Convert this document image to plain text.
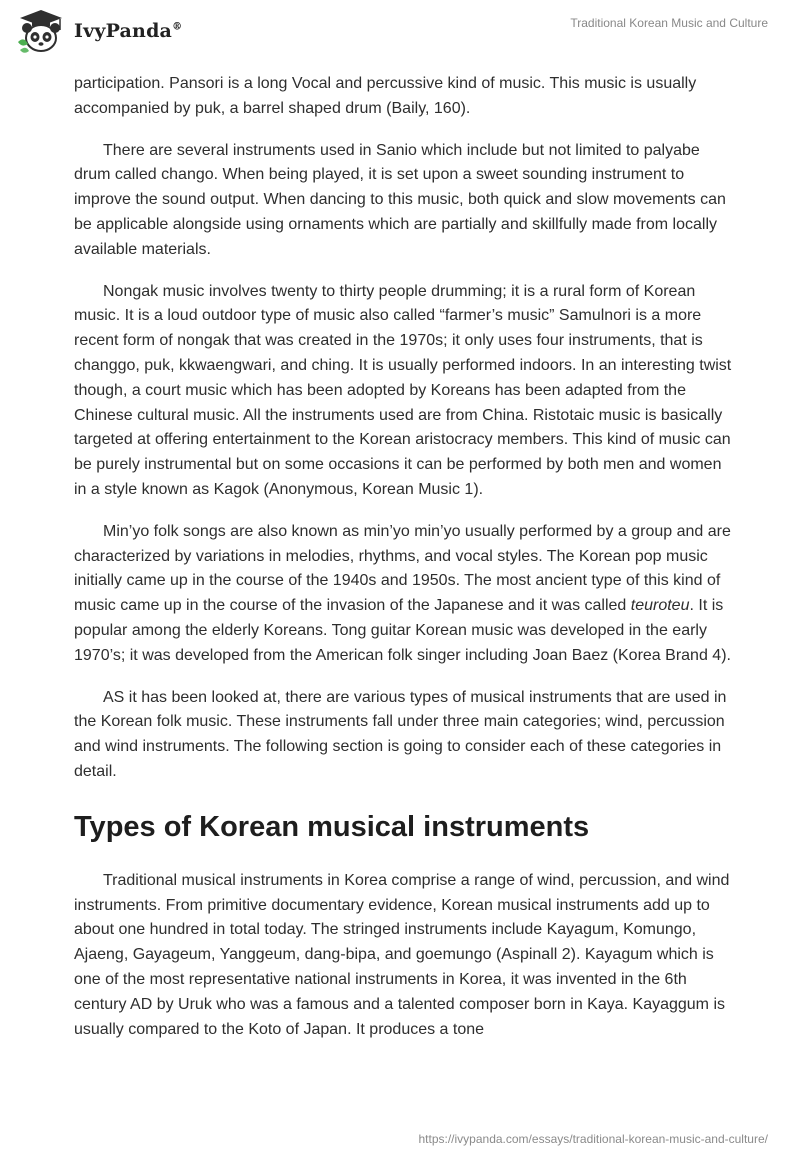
IvyPanda®	Traditional Korean Music and Culture

participation. Pansori is a long Vocal and percussive kind of music. This music is usually accompanied by puk, a barrel shaped drum (Baily, 160).

There are several instruments used in Sanio which include but not limited to palyabe drum called chango. When being played, it is set upon a sweet sounding instrument to improve the sound output. When dancing to this music, both quick and slow movements can be applicable alongside using ornaments which are partially and skillfully made from locally available materials.

Nongak music involves twenty to thirty people drumming; it is a rural form of Korean music. It is a loud outdoor type of music also called “farmer’s music” Samulnori is a more recent form of nongak that was created in the 1970s; it only uses four instruments, that is changgo, puk, kkwaengwari, and ching. It is usually performed indoors. In an interesting twist though, a court music which has been adopted by Koreans has been adapted from the Chinese cultural music. All the instruments used are from China. Ristotaic music is basically targeted at offering entertainment to the Korean aristocracy members. This kind of music can be purely instrumental but on some occasions it can be performed by both men and women in a style known as Kagok (Anonymous, Korean Music 1).

Min’yo folk songs are also known as min’yo min’yo usually performed by a group and are characterized by variations in melodies, rhythms, and vocal styles. The Korean pop music initially came up in the course of the 1940s and 1950s. The most ancient type of this kind of music came up in the course of the invasion of the Japanese and it was called teurotеu. It is popular among the elderly Koreans. Tong guitar Korean music was developed in the early 1970’s; it was developed from the American folk singer including Joan Baez (Korea Brand 4).

AS it has been looked at, there are various types of musical instruments that are used in the Korean folk music. These instruments fall under three main categories; wind, percussion and wind instruments. The following section is going to consider each of these categories in detail.

Types of Korean musical instruments

Traditional musical instruments in Korea comprise a range of wind, percussion, and wind instruments. From primitive documentary evidence, Korean musical instruments add up to about one hundred in total today. The stringed instruments include Kayagum, Komungo, Ajaeng, Gayageum, Yanggeum, dang-bipa, and goemungo (Aspinall 2). Kayagum which is one of the most representative national instruments in Korea, it was invented in the 6th century AD by Uruk who was a famous and a talented composer born in Kaya. Kayaggum is usually compared to the Koto of Japan. It produces a tone

https://ivypanda.com/essays/traditional-korean-music-and-culture/
